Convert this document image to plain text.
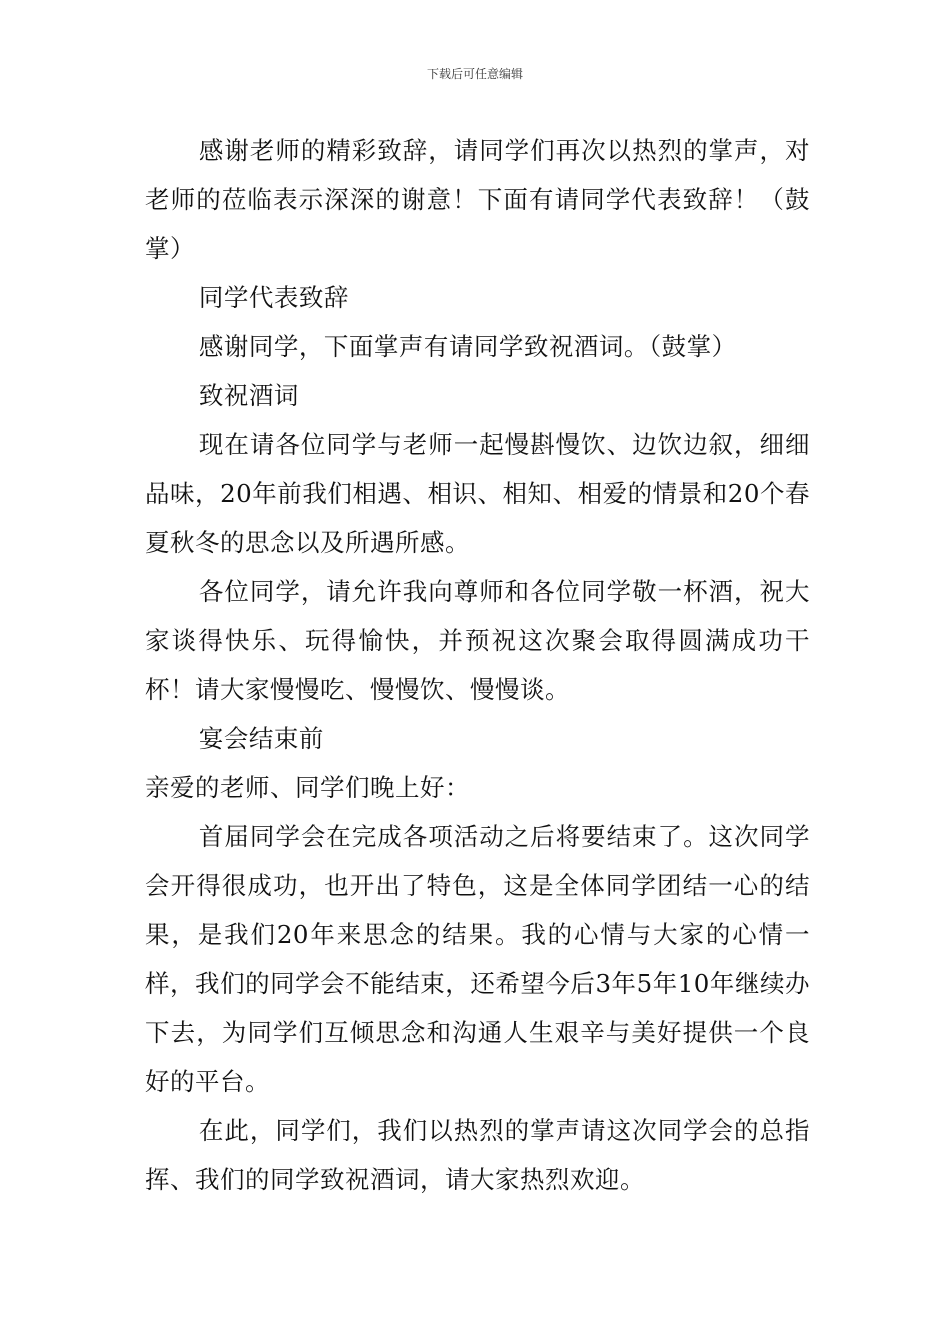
下载后可任意编辑

感谢老师的精彩致辞，请同学们再次以热烈的掌声，对老师的莅临表示深深的谢意！下面有请同学代表致辞！（鼓掌）

同学代表致辞

感谢同学，下面掌声有请同学致祝酒词。（鼓掌）

致祝酒词

现在请各位同学与老师一起慢斟慢饮、边饮边叙，细细品味，20年前我们相遇、相识、相知、相爱的情景和20个春夏秋冬的思念以及所遇所感。

各位同学，请允许我向尊师和各位同学敬一杯酒，祝大家谈得快乐、玩得愉快，并预祝这次聚会取得圆满成功干杯！请大家慢慢吃、慢慢饮、慢慢谈。

宴会结束前

亲爱的老师、同学们晚上好：

首届同学会在完成各项活动之后将要结束了。这次同学会开得很成功，也开出了特色，这是全体同学团结一心的结果，是我们20年来思念的结果。我的心情与大家的心情一样，我们的同学会不能结束，还希望今后3年5年10年继续办下去，为同学们互倾思念和沟通人生艰辛与美好提供一个良好的平台。

在此，同学们，我们以热烈的掌声请这次同学会的总指挥、我们的同学致祝酒词，请大家热烈欢迎。
